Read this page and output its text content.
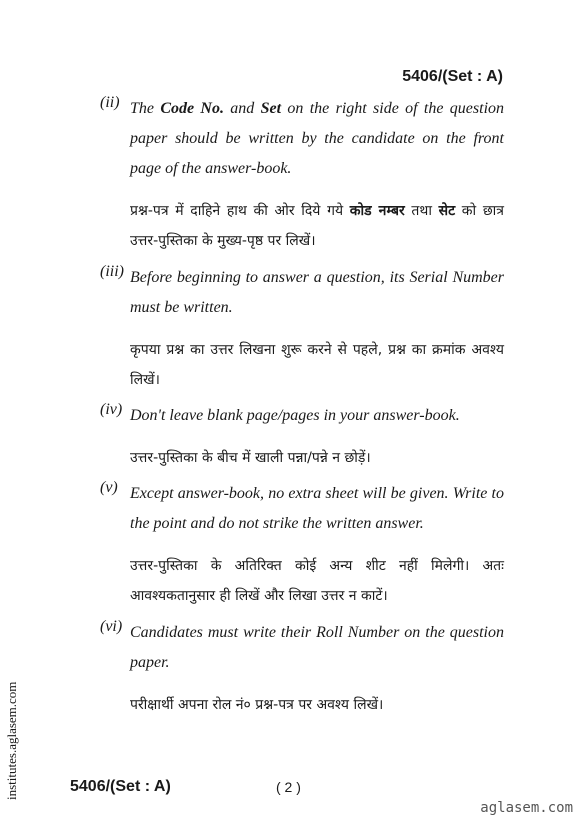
5406/(Set : A)
(ii) The Code No. and Set on the right side of the question paper should be written by the candidate on the front page of the answer-book.
प्रश्न-पत्र में दाहिने हाथ की ओर दिये गये कोड नम्बर तथा सेट को छात्र उत्तर-पुस्तिका के मुख्य-पृष्ठ पर लिखें।
(iii) Before beginning to answer a question, its Serial Number must be written.
कृपया प्रश्न का उत्तर लिखना शुरू करने से पहले, प्रश्न का क्रमांक अवश्य लिखें।
(iv) Don't leave blank page/pages in your answer-book.
उत्तर-पुस्तिका के बीच में खाली पन्ना/पन्ने न छोड़ें।
(v) Except answer-book, no extra sheet will be given. Write to the point and do not strike the written answer.
उत्तर-पुस्तिका के अतिरिक्त कोई अन्य शीट नहीं मिलेगी। अतः आवश्यकतानुसार ही लिखें और लिखा उत्तर न काटें।
(vi) Candidates must write their Roll Number on the question paper.
परीक्षार्थी अपना रोल नं० प्रश्न-पत्र पर अवश्य लिखें।
institutes.aglasem.com	5406/(Set : A)	( 2 )
aglasem.com
